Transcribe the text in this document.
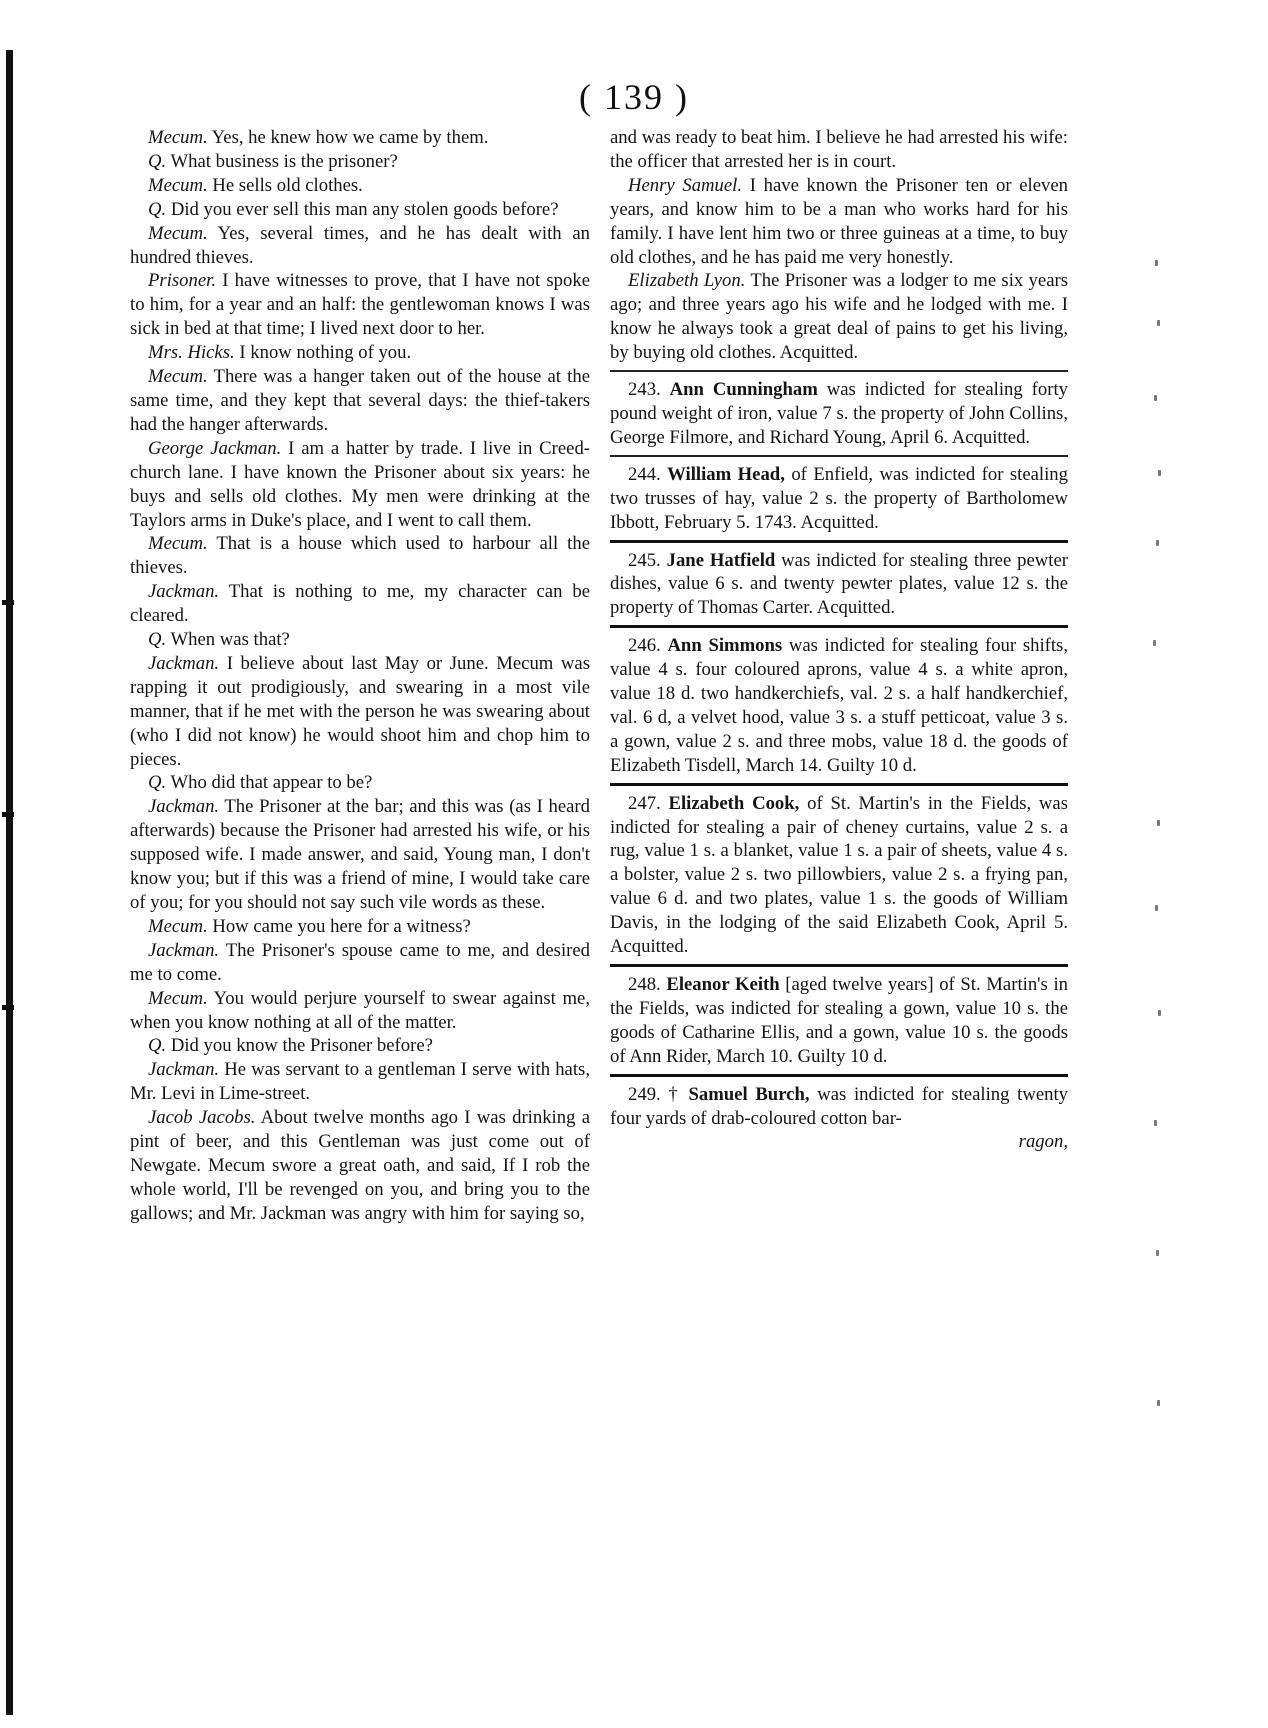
( 139 )

Mecum. Yes, he knew how we came by them.

Q. What business is the prisoner?

Mecum. He sells old clothes.

Q. Did you ever sell this man any stolen goods before?

Mecum. Yes, several times, and he has dealt with an hundred thieves.

Prisoner. I have witnesses to prove, that I have not spoke to him, for a year and an half: the gentlewoman knows I was sick in bed at that time; I lived next door to her.

Mrs. Hicks. I know nothing of you.

Mecum. There was a hanger taken out of the house at the same time, and they kept that several days: the thief-takers had the hanger afterwards.

George Jackman. I am a hatter by trade. I live in Creed-church lane. I have known the Prisoner about six years: he buys and sells old clothes. My men were drinking at the Taylors arms in Duke's place, and I went to call them.

Mecum. That is a house which used to harbour all the thieves.

Jackman. That is nothing to me, my character can be cleared.

Q. When was that?

Jackman. I believe about last May or June. Mecum was rapping it out prodigiously, and swearing in a most vile manner, that if he met with the person he was swearing about (who I did not know) he would shoot him and chop him to pieces.

Q. Who did that appear to be?

Jackman. The Prisoner at the bar; and this was (as I heard afterwards) because the Prisoner had arrested his wife, or his supposed wife. I made answer, and said, Young man, I don't know you; but if this was a friend of mine, I would take care of you; for you should not say such vile words as these.

Mecum. How came you here for a witness?

Jackman. The Prisoner's spouse came to me, and desired me to come.

Mecum. You would perjure yourself to swear against me, when you know nothing at all of the matter.

Q. Did you know the Prisoner before?

Jackman. He was servant to a gentleman I serve with hats, Mr. Levi in Lime-street.

Jacob Jacobs. About twelve months ago I was drinking a pint of beer, and this Gentleman was just come out of Newgate. Mecum swore a great oath, and said, If I rob the whole world, I'll be revenged on you, and bring you to the gallows; and Mr. Jackman was angry with him for saying so,

and was ready to beat him. I believe he had arrested his wife: the officer that arrested her is in court.

Henry Samuel. I have known the Prisoner ten or eleven years, and know him to be a man who works hard for his family. I have lent him two or three guineas at a time, to buy old clothes, and he has paid me very honestly.

Elizabeth Lyon. The Prisoner was a lodger to me six years ago; and three years ago his wife and he lodged with me. I know he always took a great deal of pains to get his living, by buying old clothes. Acquitted.

243. Ann Cunningham was indicted for stealing forty pound weight of iron, value 7 s. the property of John Collins, George Filmore, and Richard Young, April 6. Acquitted.

244. William Head, of Enfield, was indicted for stealing two trusses of hay, value 2 s. the property of Bartholomew Ibbott, February 5. 1743. Acquitted.

245. Jane Hatfield was indicted for stealing three pewter dishes, value 6 s. and twenty pewter plates, value 12 s. the property of Thomas Carter. Acquitted.

246. Ann Simmons was indicted for stealing four shifts, value 4 s. four coloured aprons, value 4 s. a white apron, value 18 d. two handkerchiefs, val. 2 s. a half handkerchief, val. 6 d, a velvet hood, value 3 s. a stuff petticoat, value 3 s. a gown, value 2 s. and three mobs, value 18 d. the goods of Elizabeth Tisdell, March 14. Guilty 10 d.

247. Elizabeth Cook, of St. Martin's in the Fields, was indicted for stealing a pair of cheney curtains, value 2 s. a rug, value 1 s. a blanket, value 1 s. a pair of sheets, value 4 s. a bolster, value 2 s. two pillowbiers, value 2 s. a frying pan, value 6 d. and two plates, value 1 s. the goods of William Davis, in the lodging of the said Elizabeth Cook, April 5. Acquitted.

248. Eleanor Keith [aged twelve years] of St. Martin's in the Fields, was indicted for stealing a gown, value 10 s. the goods of Catharine Ellis, and a gown, value 10 s. the goods of Ann Rider, March 10. Guilty 10 d.

249. † Samuel Burch, was indicted for stealing twenty four yards of drab-coloured cotton bar-

ragon,
